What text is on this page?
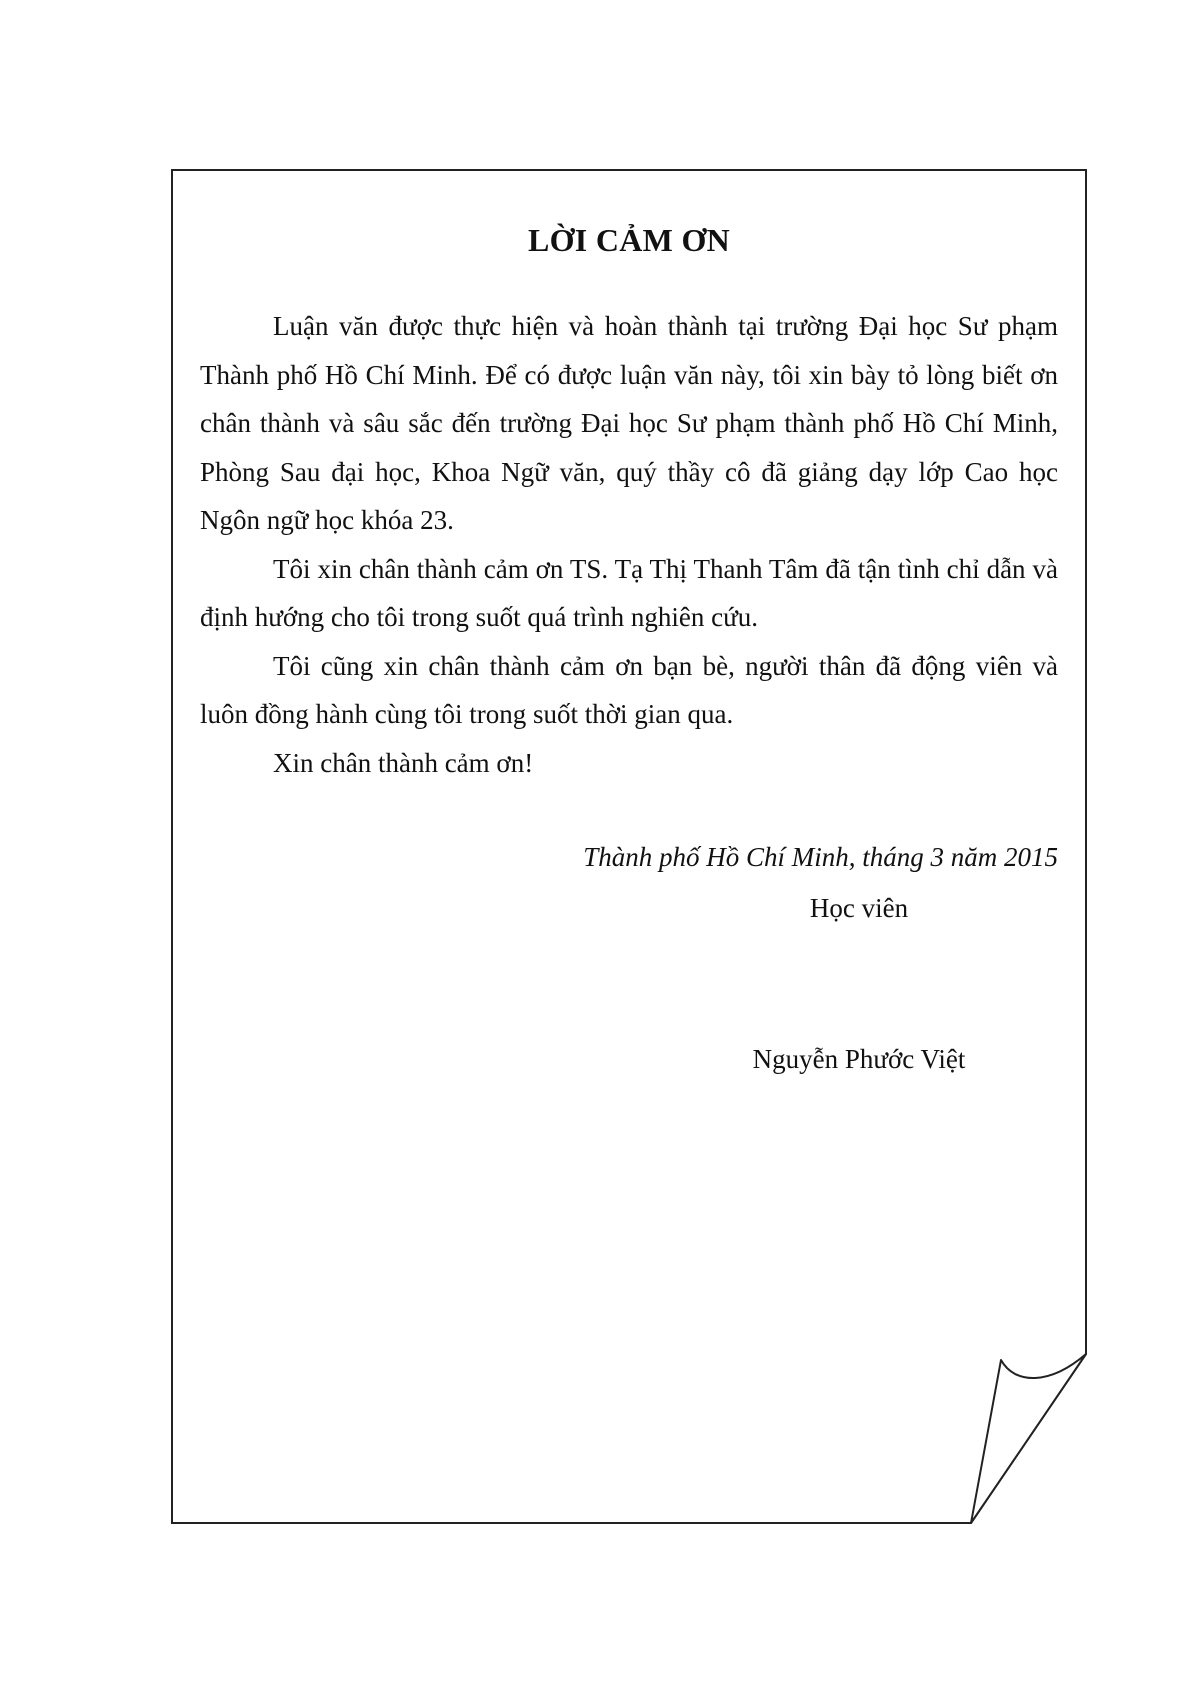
LỜI CẢM ƠN

Luận văn được thực hiện và hoàn thành tại trường Đại học Sư phạm Thành phố Hồ Chí Minh. Để có được luận văn này, tôi xin bày tỏ lòng biết ơn chân thành và sâu sắc đến trường Đại học Sư phạm thành phố Hồ Chí Minh, Phòng Sau đại học, Khoa Ngữ văn, quý thầy cô đã giảng dạy lớp Cao học Ngôn ngữ học khóa 23.

Tôi xin chân thành cảm ơn TS. Tạ Thị Thanh Tâm đã tận tình chỉ dẫn và định hướng cho tôi trong suốt quá trình nghiên cứu.

Tôi cũng xin chân thành cảm ơn bạn bè, người thân đã động viên và luôn đồng hành cùng tôi trong suốt thời gian qua.

Xin chân thành cảm ơn!

Thành phố Hồ Chí Minh, tháng 3 năm 2015

Học viên

Nguyễn Phước Việt
